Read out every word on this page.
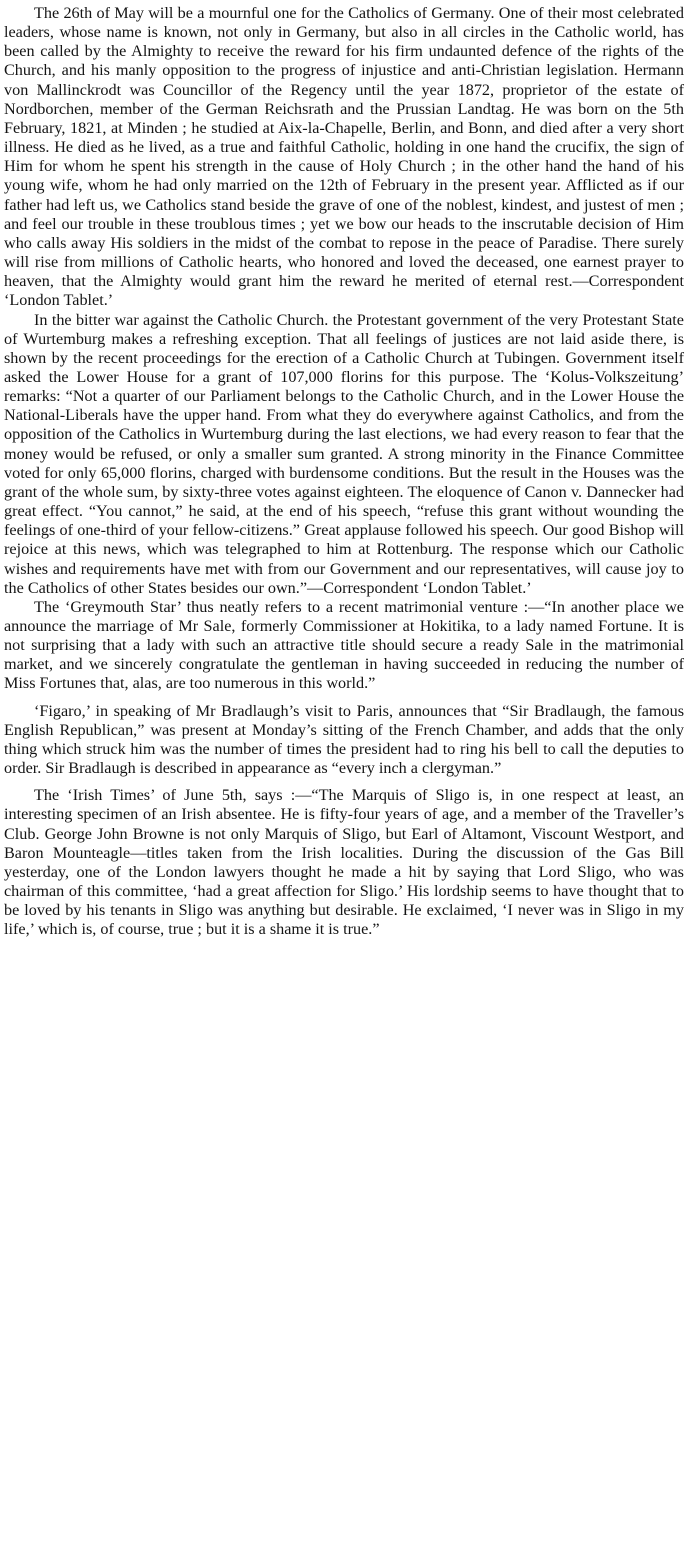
The 26th of May will be a mournful one for the Catholics of Germany. One of their most celebrated leaders, whose name is known, not only in Germany, but also in all circles in the Catholic world, has been called by the Almighty to receive the reward for his firm undaunted defence of the rights of the Church, and his manly opposition to the progress of injustice and anti-Christian legislation. Hermann von Mallinckrodt was Councillor of the Regency until the year 1872, proprietor of the estate of Nordborchen, member of the German Reichsrath and the Prussian Landtag. He was born on the 5th February, 1821, at Minden ; he studied at Aix-la-Chapelle, Berlin, and Bonn, and died after a very short illness. He died as he lived, as a true and faithful Catholic, holding in one hand the crucifix, the sign of Him for whom he spent his strength in the cause of Holy Church ; in the other hand the hand of his young wife, whom he had only married on the 12th of February in the present year. Afflicted as if our father had left us, we Catholics stand beside the grave of one of the noblest, kindest, and justest of men ; and feel our trouble in these troublous times ; yet we bow our heads to the inscrutable decision of Him who calls away His soldiers in the midst of the combat to repose in the peace of Paradise. There surely will rise from millions of Catholic hearts, who honored and loved the deceased, one earnest prayer to heaven, that the Almighty would grant him the reward he merited of eternal rest.—Correspondent ‘London Tablet.’

In the bitter war against the Catholic Church. the Protestant government of the very Protestant State of Wurtemburg makes a refreshing exception. That all feelings of justices are not laid aside there, is shown by the recent proceedings for the erection of a Catholic Church at Tubingen. Government itself asked the Lower House for a grant of 107,000 florins for this purpose. The ‘Kolus-Volkszeitung’ remarks: “Not a quarter of our Parliament belongs to the Catholic Church, and in the Lower House the National-Liberals have the upper hand. From what they do everywhere against Catholics, and from the opposition of the Catholics in Wurtemburg during the last elections, we had every reason to fear that the money would be refused, or only a smaller sum granted. A strong minority in the Finance Committee voted for only 65,000 florins, charged with burdensome conditions. But the result in the Houses was the grant of the whole sum, by sixty-three votes against eighteen. The eloquence of Canon v. Dannecker had great effect. “You cannot,” he said, at the end of his speech, “refuse this grant without wounding the feelings of one-third of your fellow-citizens.” Great applause followed his speech. Our good Bishop will rejoice at this news, which was telegraphed to him at Rottenburg. The response which our Catholic wishes and requirements have met with from our Government and our representatives, will cause joy to the Catholics of other States besides our own.”—Correspondent ‘London Tablet.’

The ‘Greymouth Star’ thus neatly refers to a recent matrimonial venture :—“In another place we announce the marriage of Mr Sale, formerly Commissioner at Hokitika, to a lady named Fortune. It is not surprising that a lady with such an attractive title should secure a ready Sale in the matrimonial market, and we sincerely congratulate the gentleman in having succeeded in reducing the number of Miss Fortunes that, alas, are too numerous in this world.”

‘Figaro,’ in speaking of Mr Bradlaugh’s visit to Paris, announces that “Sir Bradlaugh, the famous English Republican,” was present at Monday’s sitting of the French Chamber, and adds that the only thing which struck him was the number of times the president had to ring his bell to call the deputies to order. Sir Bradlaugh is described in appearance as “every inch a clergyman.”

The ‘Irish Times’ of June 5th, says :—“The Marquis of Sligo is, in one respect at least, an interesting specimen of an Irish absentee. He is fifty-four years of age, and a member of the Traveller’s Club. George John Browne is not only Marquis of Sligo, but Earl of Altamont, Viscount Westport, and Baron Mounteagle—titles taken from the Irish localities. During the discussion of the Gas Bill yesterday, one of the London lawyers thought he made a hit by saying that Lord Sligo, who was chairman of this committee, ‘had a great affection for Sligo.’ His lordship seems to have thought that to be loved by his tenants in Sligo was anything but desirable. He exclaimed, ‘I never was in Sligo in my life,’ which is, of course, true ; but it is a shame it is true.”
